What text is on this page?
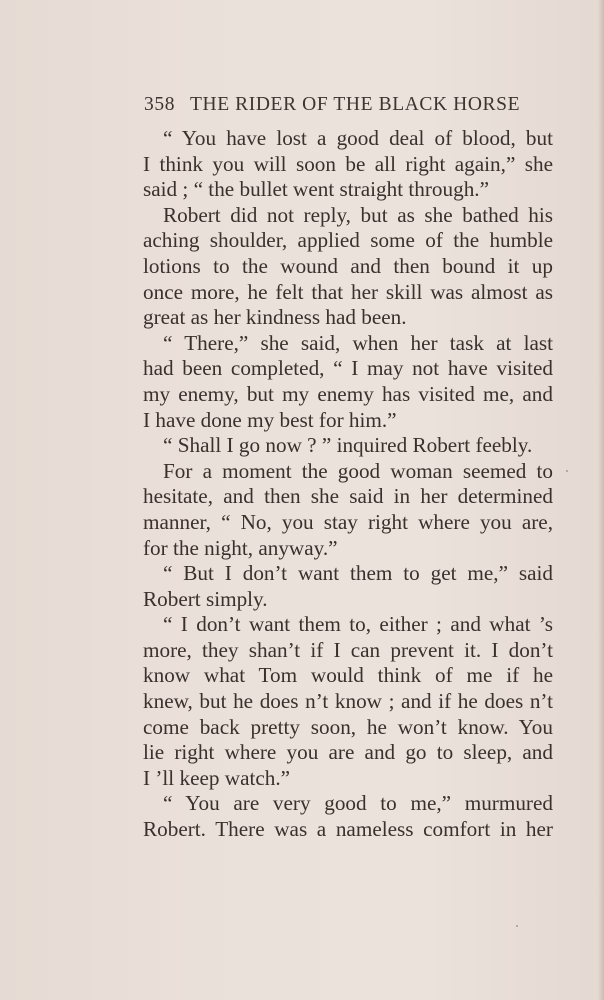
358 THE RIDER OF THE BLACK HORSE
“ You have lost a good deal of blood, but
I think you will soon be all right again,” she
said ; “ the bullet went straight through.”
Robert did not reply, but as she bathed his
aching shoulder, applied some of the humble
lotions to the wound and then bound it up
once more, he felt that her skill was almost as
great as her kindness had been.
“ There,” she said, when her task at last
had been completed, “ I may not have visited
my enemy, but my enemy has visited me, and
I have done my best for him.”
“ Shall I go now ? ” inquired Robert feebly.
For a moment the good woman seemed to
hesitate, and then she said in her determined
manner, “ No, you stay right where you are,
for the night, anyway.”
“ But I don’t want them to get me,” said
Robert simply.
“ I don’t want them to, either ; and what ’s
more, they shan’t if I can prevent it. I don’t
know what Tom would think of me if he
knew, but he does n’t know ; and if he does n’t
come back pretty soon, he won’t know. You
lie right where you are and go to sleep, and
I ’ll keep watch.”
“ You are very good to me,” murmured
Robert. There was a nameless comfort in her
